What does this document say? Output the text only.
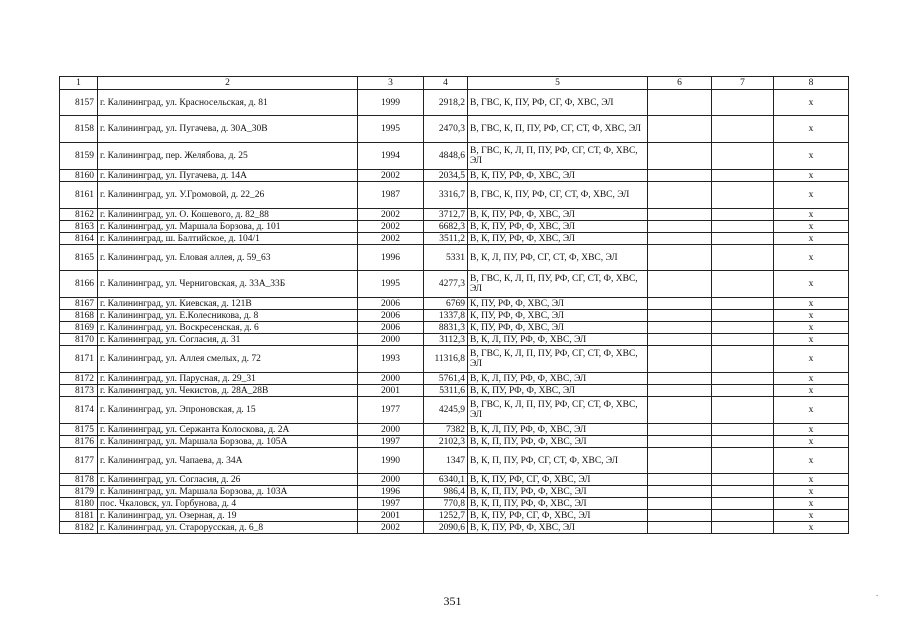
1	2	3	4	5	6	7	8
8157	г. Калининград, ул. Красносельская, д. 81	1999	2918,2	В, ГВС, К, ПУ, РФ, СГ, Ф, ХВС, ЭЛ			х
8158	г. Калининград, ул. Пугачева, д. 30А_30В	1995	2470,3	В, ГВС, К, П, ПУ, РФ, СГ, СТ, Ф, ХВС, ЭЛ			х
8159	г. Калининград, пер. Желябова, д. 25	1994	4848,6	В, ГВС, К, Л, П, ПУ, РФ, СГ, СТ, Ф, ХВС, ЭЛ			х
8160	г. Калининград, ул. Пугачева, д. 14А	2002	2034,5	В, К, ПУ, РФ, Ф, ХВС, ЭЛ			х
8161	г. Калининград, ул. У.Громовой, д. 22_26	1987	3316,7	В, ГВС, К, ПУ, РФ, СГ, СТ, Ф, ХВС, ЭЛ			х
8162	г. Калининград, ул. О. Кошевого, д. 82_88	2002	3712,7	В, К, ПУ, РФ, Ф, ХВС, ЭЛ			х
8163	г. Калининград, ул. Маршала Борзова, д. 101	2002	6682,3	В, К, ПУ, РФ, Ф, ХВС, ЭЛ			х
8164	г. Калининград, ш. Балтийское, д. 104/1	2002	3511,2	В, К, ПУ, РФ, Ф, ХВС, ЭЛ			х
8165	г. Калининград, ул. Еловая аллея, д. 59_63	1996	5331	В, К, Л, ПУ, РФ, СГ, СТ, Ф, ХВС, ЭЛ			х
8166	г. Калининград, ул. Черниговская, д. 33А_33Б	1995	4277,3	В, ГВС, К, Л, П, ПУ, РФ, СГ, СТ, Ф, ХВС, ЭЛ			х
8167	г. Калининград, ул. Киевская, д. 121В	2006	6769	К, ПУ, РФ, Ф, ХВС, ЭЛ			х
8168	г. Калининград, ул. Е.Колесникова, д. 8	2006	1337,8	К, ПУ, РФ, Ф, ХВС, ЭЛ			х
8169	г. Калининград, ул. Воскресенская, д. 6	2006	8831,3	К, ПУ, РФ, Ф, ХВС, ЭЛ			х
8170	г. Калининград, ул. Согласия, д. 31	2000	3112,3	В, К, Л, ПУ, РФ, Ф, ХВС, ЭЛ			х
8171	г. Калининград, ул. Аллея смелых, д. 72	1993	11316,8	В, ГВС, К, Л, П, ПУ, РФ, СГ, СТ, Ф, ХВС, ЭЛ			х
8172	г. Калининград, ул. Парусная, д. 29_31	2000	5761,4	В, К, Л, ПУ, РФ, Ф, ХВС, ЭЛ			х
8173	г. Калининград, ул. Чекистов, д. 28А_28В	2001	5311,6	В, К, ПУ, РФ, Ф, ХВС, ЭЛ			х
8174	г. Калининград, ул. Эпроновская, д. 15	1977	4245,9	В, ГВС, К, Л, П, ПУ, РФ, СГ, СТ, Ф, ХВС, ЭЛ			х
8175	г. Калининград, ул. Сержанта Колоскова, д. 2А	2000	7382	В, К, Л, ПУ, РФ, Ф, ХВС, ЭЛ			х
8176	г. Калининград, ул. Маршала Борзова, д. 105А	1997	2102,3	В, К, П, ПУ, РФ, Ф, ХВС, ЭЛ			х
8177	г. Калининград, ул. Чапаева, д. 34А	1990	1347	В, К, П, ПУ, РФ, СГ, СТ, Ф, ХВС, ЭЛ			х
8178	г. Калининград, ул. Согласия, д. 26	2000	6340,1	В, К, ПУ, РФ, СГ, Ф, ХВС, ЭЛ			х
8179	г. Калининград, ул. Маршала Борзова, д. 103А	1996	986,4	В, К, П, ПУ, РФ, Ф, ХВС, ЭЛ			х
8180	пос. Чкаловск, ул. Горбунова, д. 4	1997	770,8	В, К, П, ПУ, РФ, Ф, ХВС, ЭЛ			х
8181	г. Калининград, ул. Озерная, д. 19	2001	1252,7	В, К, ПУ, РФ, СГ, Ф, ХВС, ЭЛ			х
8182	г. Калининград, ул. Старорусская, д. 6_8	2002	2090,6	В, К, ПУ, РФ, Ф, ХВС, ЭЛ			х
351
.
